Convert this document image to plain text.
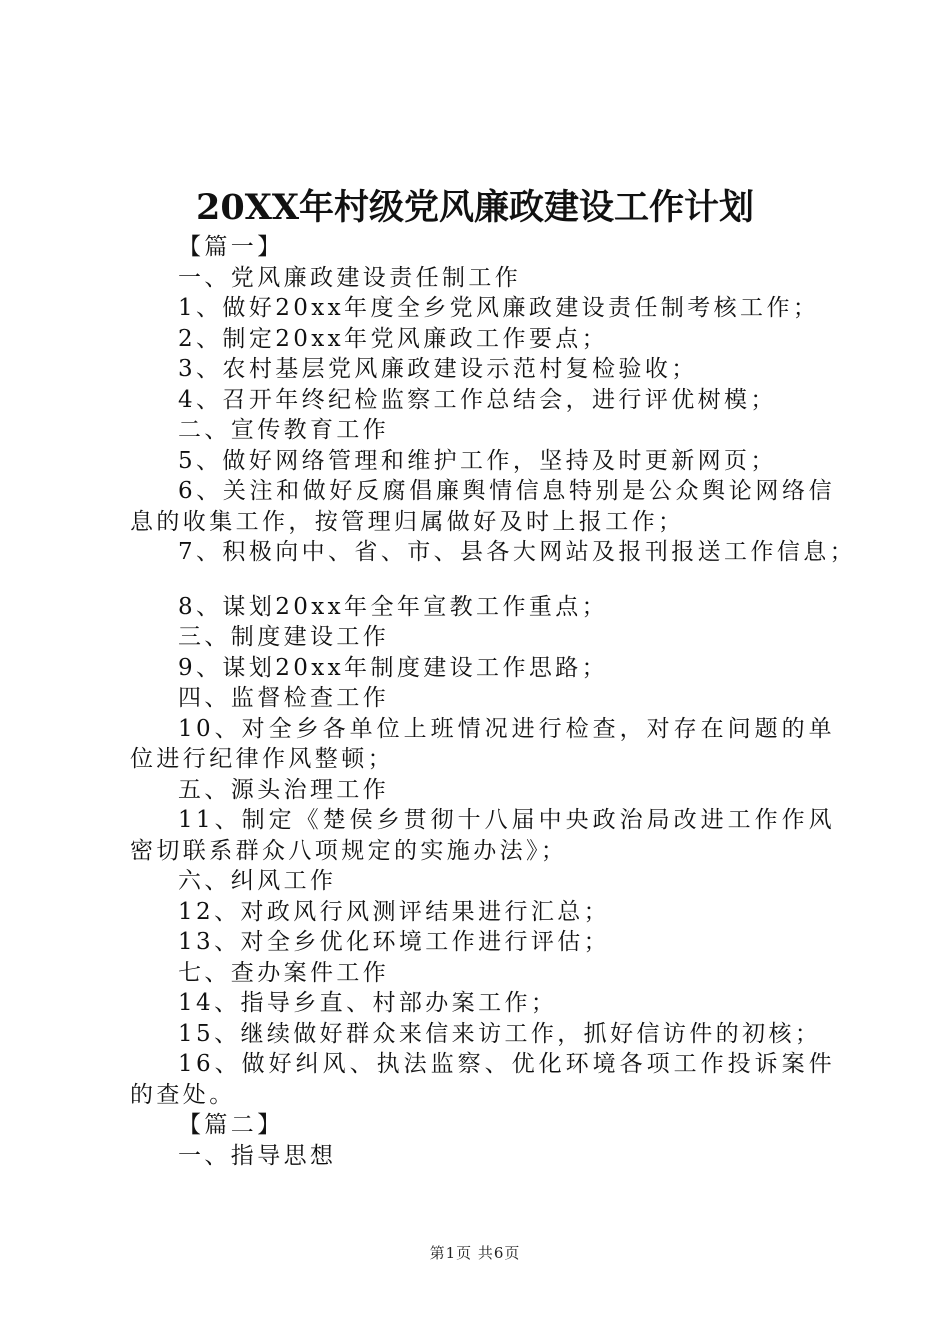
20XX年村级党风廉政建设工作计划
【篇一】
一、党风廉政建设责任制工作
1、做好20xx年度全乡党风廉政建设责任制考核工作；
2、制定20xx年党风廉政工作要点；
3、农村基层党风廉政建设示范村复检验收；
4、召开年终纪检监察工作总结会，进行评优树模；
二、宣传教育工作
5、做好网络管理和维护工作，坚持及时更新网页；
6、关注和做好反腐倡廉舆情信息特别是公众舆论网络信息的收集工作，按管理归属做好及时上报工作；
7、积极向中、省、市、县各大网站及报刊报送工作信息；
8、谋划20xx年全年宣教工作重点；
三、制度建设工作
9、谋划20xx年制度建设工作思路；
四、监督检查工作
10、对全乡各单位上班情况进行检查，对存在问题的单位进行纪律作风整顿；
五、源头治理工作
11、制定《楚侯乡贯彻十八届中央政治局改进工作作风密切联系群众八项规定的实施办法》；
六、纠风工作
12、对政风行风测评结果进行汇总；
13、对全乡优化环境工作进行评估；
七、查办案件工作
14、指导乡直、村部办案工作；
15、继续做好群众来信来访工作，抓好信访件的初核；
16、做好纠风、执法监察、优化环境各项工作投诉案件的查处。
【篇二】
一、指导思想
第1页 共6页
